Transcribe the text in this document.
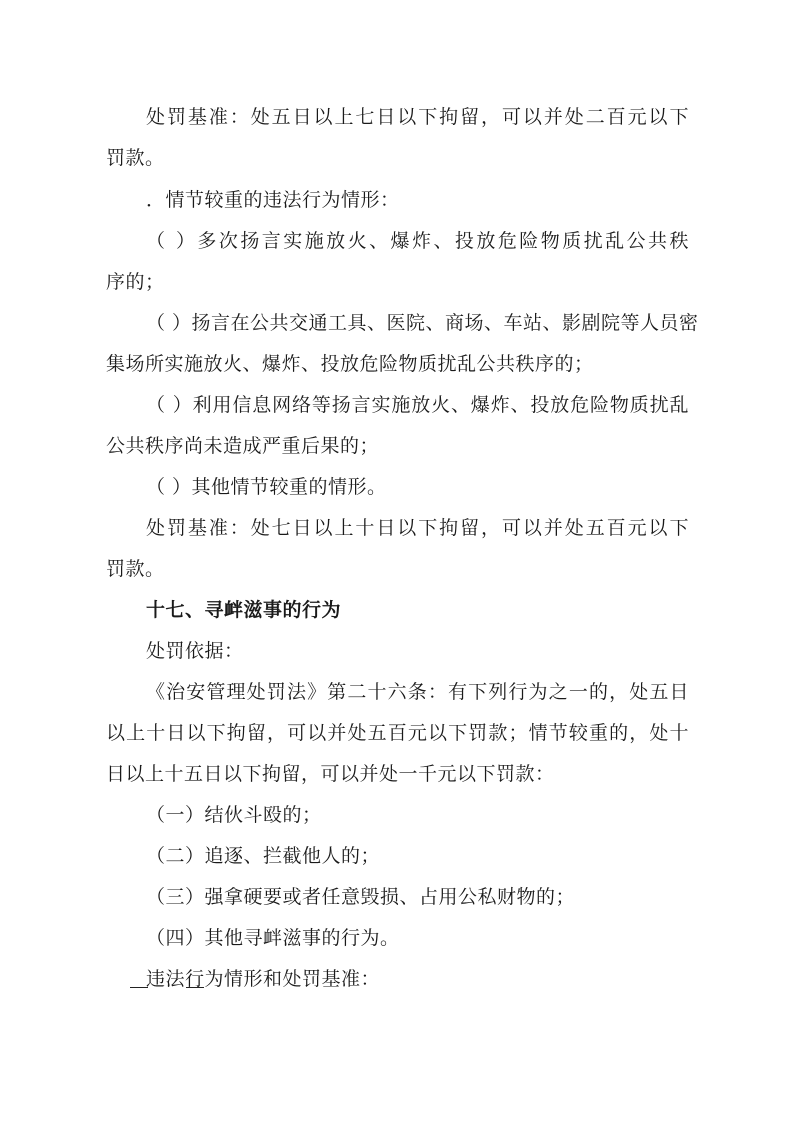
处罚基准：处五日以上七日以下拘留，可以并处二百元以下
罚款。
．情节较重的违法行为情形：
（ ）多次扬言实施放火、爆炸、投放危险物质扰乱公共秩
序的；
（ ）扬言在公共交通工具、医院、商场、车站、影剧院等人员密
集场所实施放火、爆炸、投放危险物质扰乱公共秩序的；
（ ）利用信息网络等扬言实施放火、爆炸、投放危险物质扰乱
公共秩序尚未造成严重后果的；
（ ）其他情节较重的情形。
处罚基准：处七日以上十日以下拘留，可以并处五百元以下
罚款。
十七、寻衅滋事的行为
处罚依据：
《治安管理处罚法》第二十六条：有下列行为之一的，处五日
以上十日以下拘留，可以并处五百元以下罚款；情节较重的，处十
日以上十五日以下拘留，可以并处一千元以下罚款：
（一）结伙斗殴的；
（二）追逐、拦截他人的；
（三）强拿硬要或者任意毁损、占用公私财物的；
（四）其他寻衅滋事的行为。
违法行为情形和处罚基准：
